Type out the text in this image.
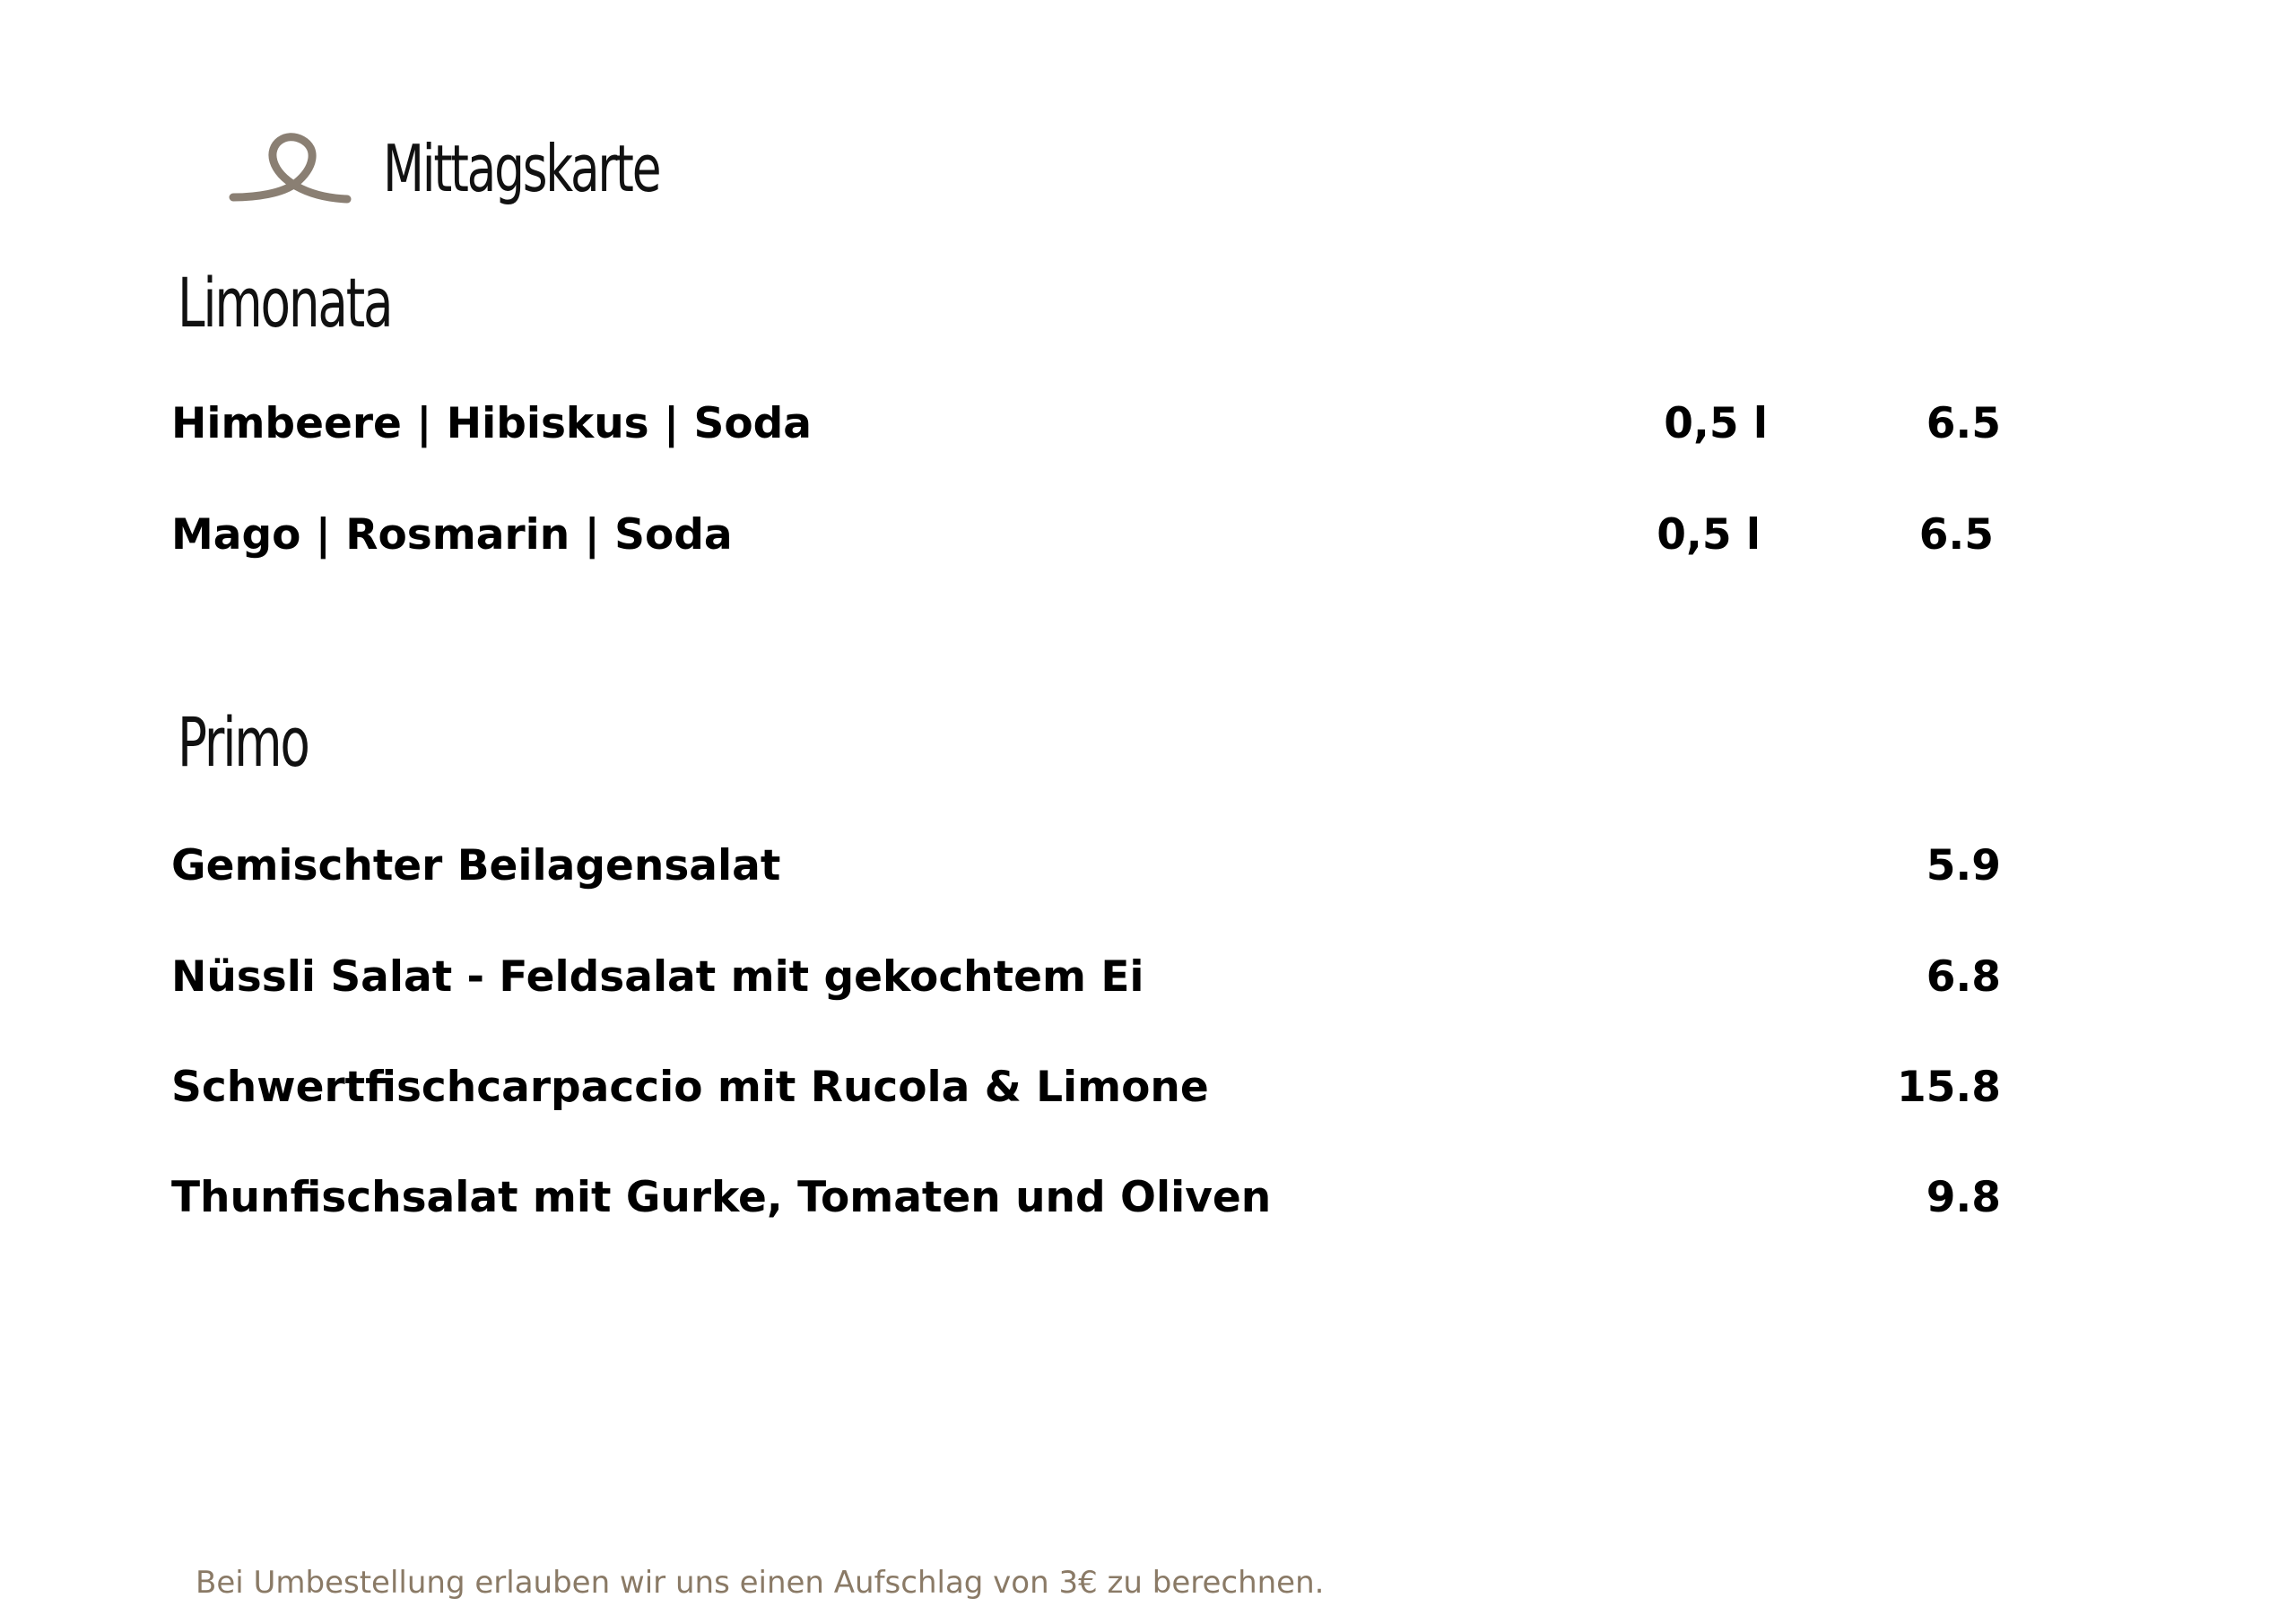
Mittagskarte
Limonata
Himbeere | Hibiskus | Soda	0,5 l	6.5
Mago | Rosmarin | Soda	0,5 l	6.5
Primo
Gemischter Beilagensalat	5.9
Nüssli Salat - Feldsalat mit gekochtem Ei	6.8
Schwertfischcarpaccio mit Rucola & Limone	15.8
Thunfischsalat mit Gurke, Tomaten und Oliven	9.8
Bei Umbestellung erlauben wir uns einen Aufschlag von 3€ zu berechnen.
